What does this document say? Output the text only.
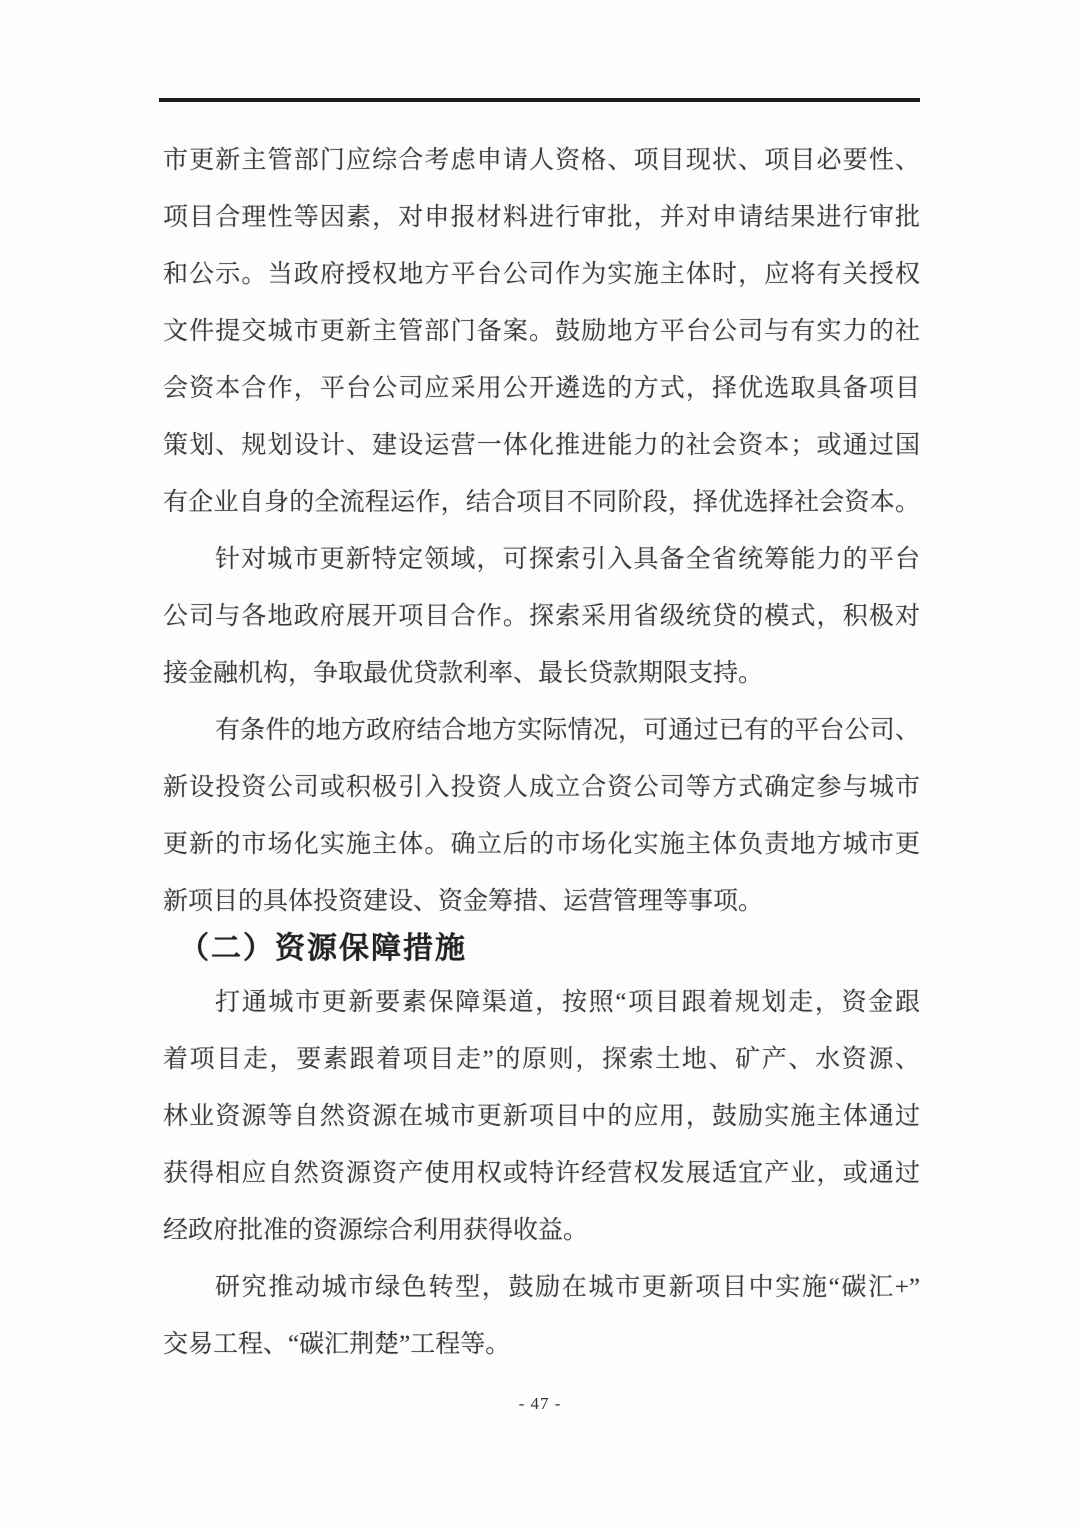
市更新主管部门应综合考虑申请人资格、项目现状、项目必要性、
项目合理性等因素，对申报材料进行审批，并对申请结果进行审批
和公示。当政府授权地方平台公司作为实施主体时，应将有关授权
文件提交城市更新主管部门备案。鼓励地方平台公司与有实力的社
会资本合作，平台公司应采用公开遴选的方式，择优选取具备项目
策划、规划设计、建设运营一体化推进能力的社会资本；或通过国
有企业自身的全流程运作，结合项目不同阶段，择优选择社会资本。
针对城市更新特定领域，可探索引入具备全省统筹能力的平台
公司与各地政府展开项目合作。探索采用省级统贷的模式，积极对
接金融机构，争取最优贷款利率、最长贷款期限支持。
有条件的地方政府结合地方实际情况，可通过已有的平台公司、
新设投资公司或积极引入投资人成立合资公司等方式确定参与城市
更新的市场化实施主体。确立后的市场化实施主体负责地方城市更
新项目的具体投资建设、资金筹措、运营管理等事项。
（二）资源保障措施
打通城市更新要素保障渠道，按照“项目跟着规划走，资金跟
着项目走，要素跟着项目走”的原则，探索土地、矿产、水资源、
林业资源等自然资源在城市更新项目中的应用，鼓励实施主体通过
获得相应自然资源资产使用权或特许经营权发展适宜产业，或通过
经政府批准的资源综合利用获得收益。
研究推动城市绿色转型，鼓励在城市更新项目中实施“碳汇+”
交易工程、“碳汇荆楚”工程等。
- 47 -
